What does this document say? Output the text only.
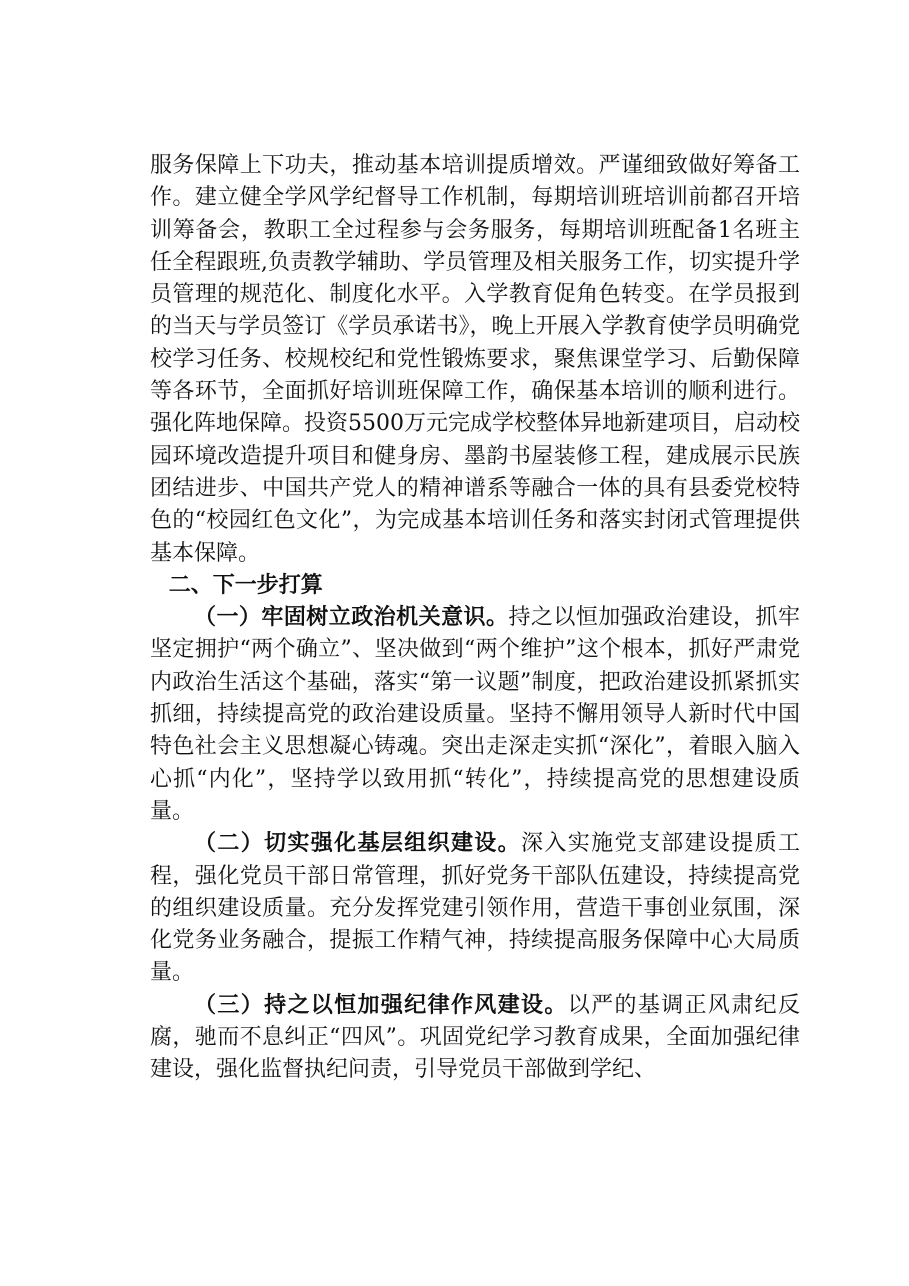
服务保障上下功夫，推动基本培训提质增效。严谨细致做好筹备工作。建立健全学风学纪督导工作机制，每期培训班培训前都召开培训筹备会，教职工全过程参与会务服务，每期培训班配备1名班主任全程跟班,负责教学辅助、学员管理及相关服务工作，切实提升学员管理的规范化、制度化水平。入学教育促角色转变。在学员报到的当天与学员签订《学员承诺书》，晚上开展入学教育使学员明确党校学习任务、校规校纪和党性锻炼要求，聚焦课堂学习、后勤保障等各环节，全面抓好培训班保障工作，确保基本培训的顺利进行。强化阵地保障。投资5500万元完成学校整体异地新建项目，启动校园环境改造提升项目和健身房、墨韵书屋装修工程，建成展示民族团结进步、中国共产党人的精神谱系等融合一体的具有县委党校特色的“校园红色文化”，为完成基本培训任务和落实封闭式管理提供基本保障。

二、下一步打算

（一）牢固树立政治机关意识。持之以恒加强政治建设，抓牢坚定拥护“两个确立”、坚决做到“两个维护”这个根本，抓好严肃党内政治生活这个基础，落实“第一议题”制度，把政治建设抓紧抓实抓细，持续提高党的政治建设质量。坚持不懈用领导人新时代中国特色社会主义思想凝心铸魂。突出走深走实抓“深化”，着眼入脑入心抓“内化”，坚持学以致用抓“转化”，持续提高党的思想建设质量。

（二）切实强化基层组织建设。深入实施党支部建设提质工程，强化党员干部日常管理，抓好党务干部队伍建设，持续提高党的组织建设质量。充分发挥党建引领作用，营造干事创业氛围，深化党务业务融合，提振工作精气神，持续提高服务保障中心大局质量。

（三）持之以恒加强纪律作风建设。以严的基调正风肃纪反腐，驰而不息纠正“四风”。巩固党纪学习教育成果，全面加强纪律建设，强化监督执纪问责，引导党员干部做到学纪、
